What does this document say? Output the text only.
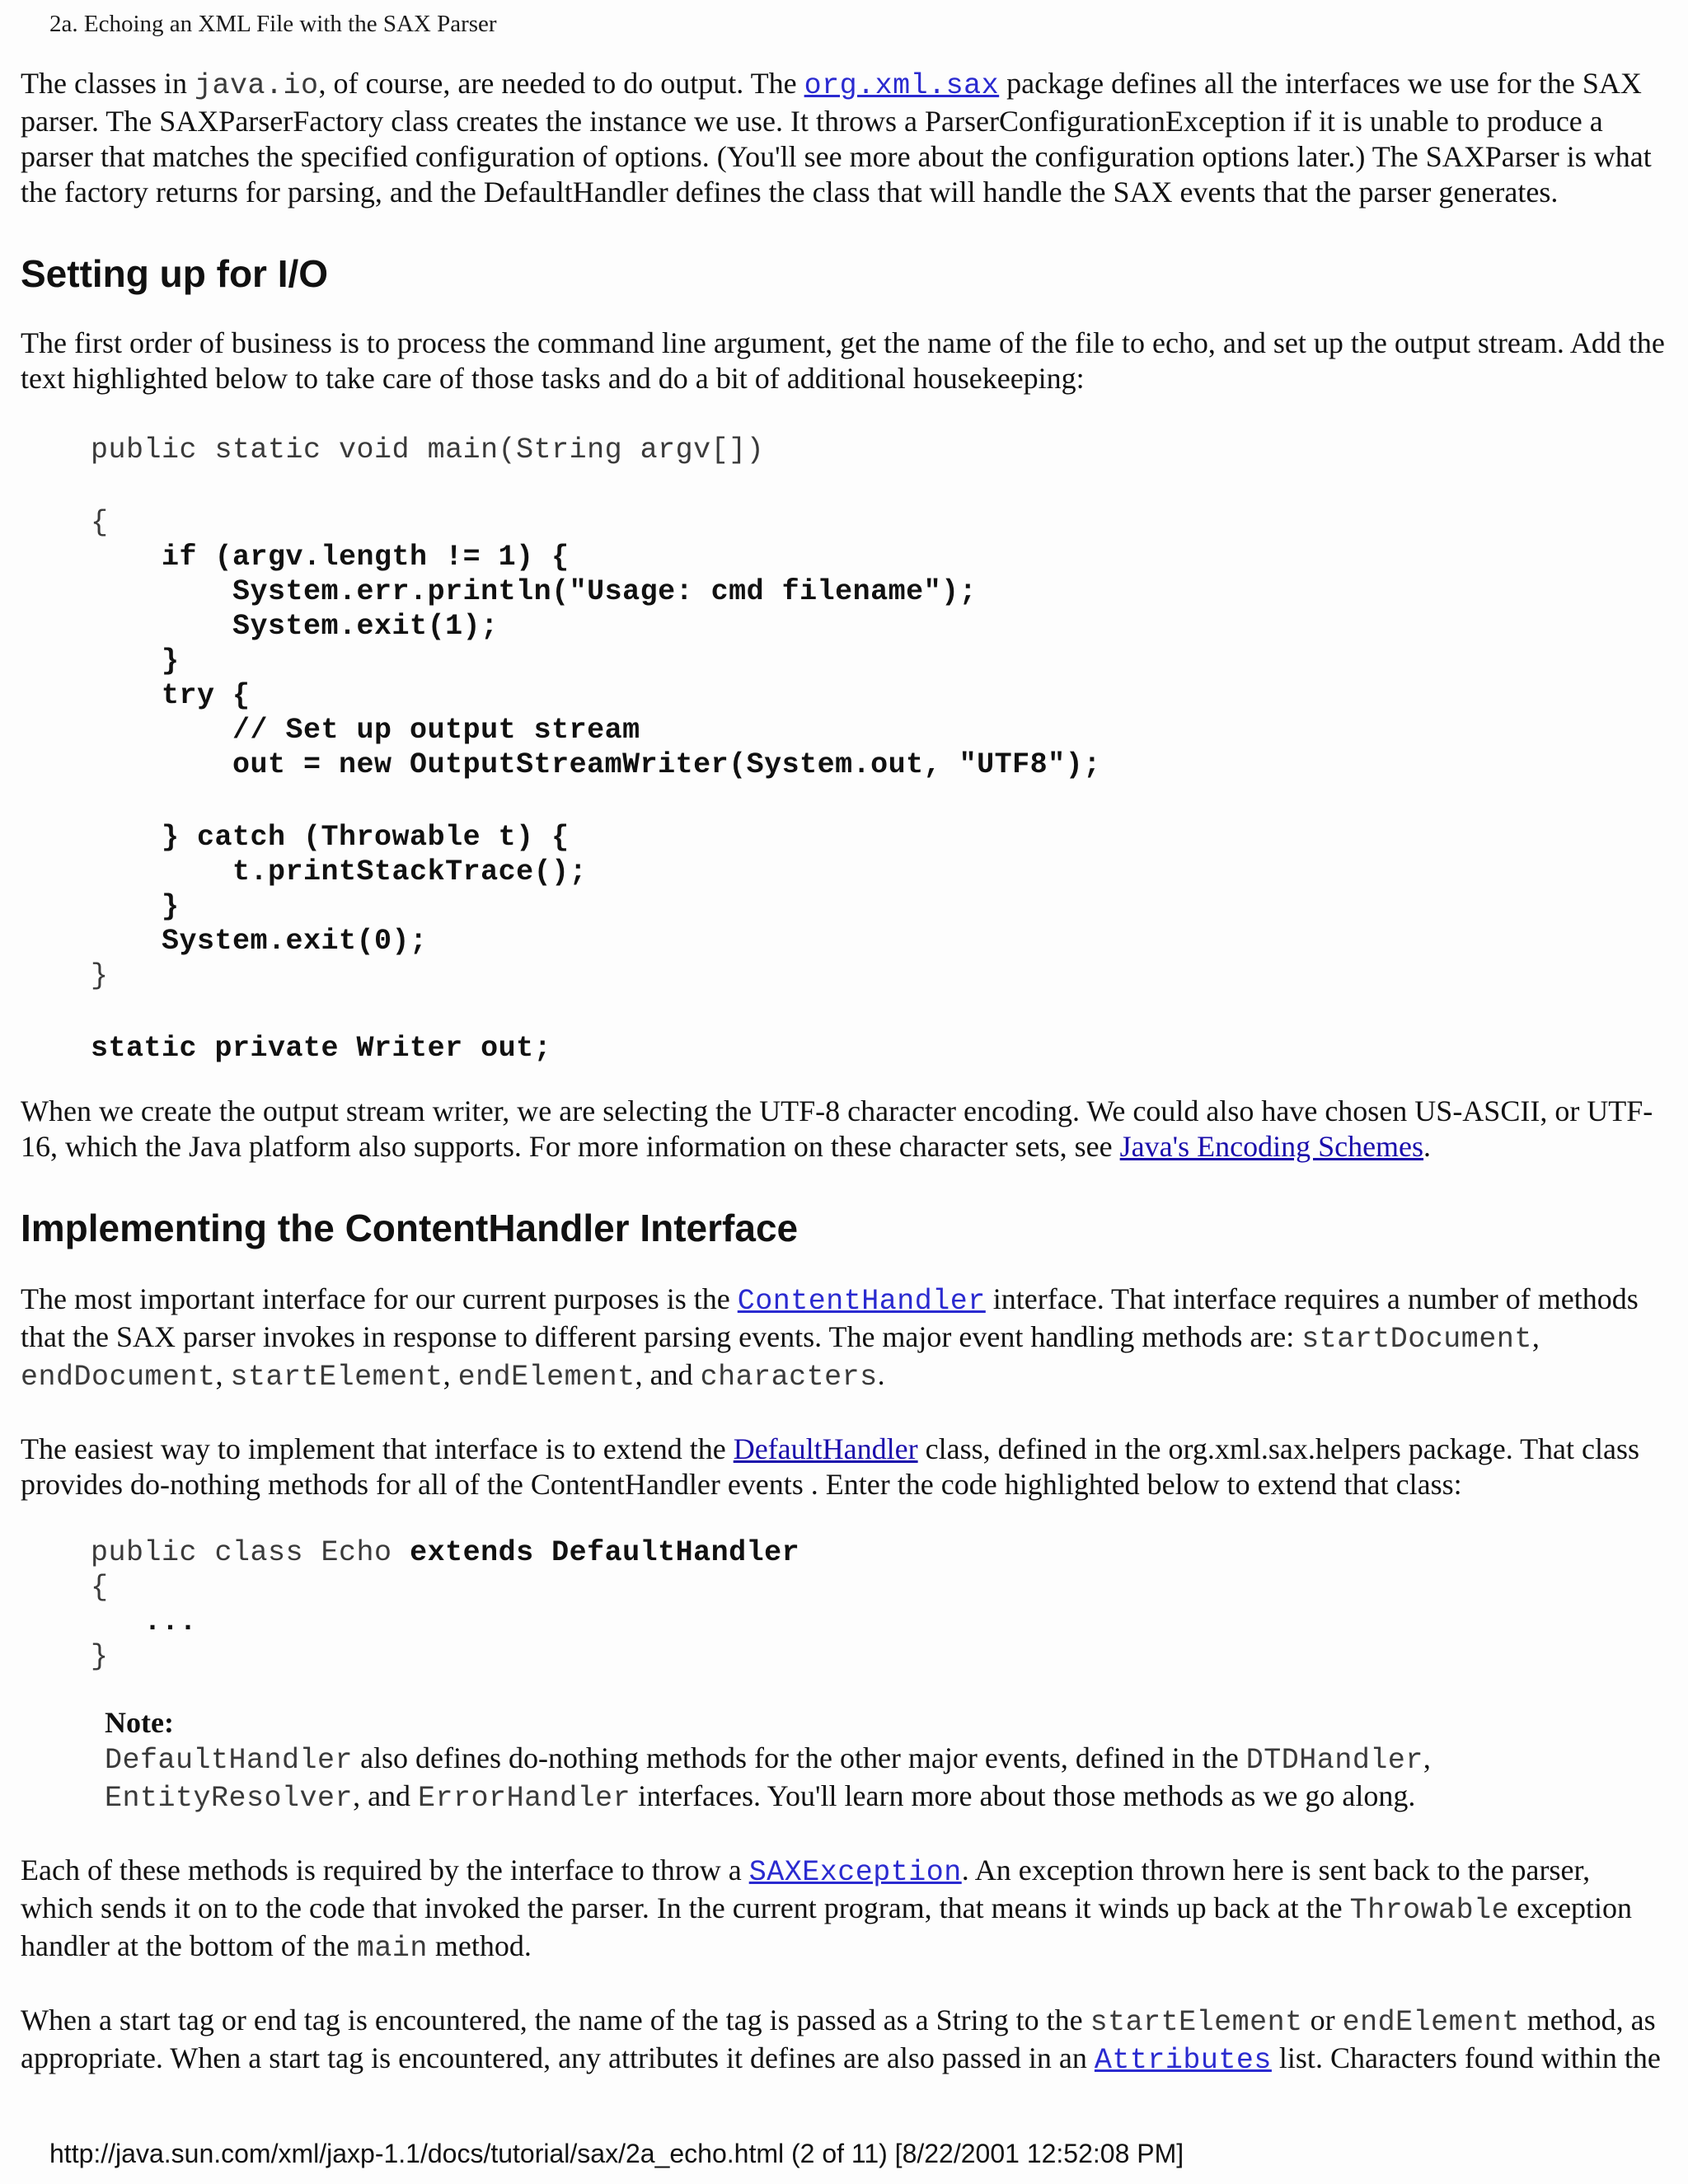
2a. Echoing an XML File with the SAX Parser

The classes in java.io, of course, are needed to do output. The org.xml.sax package defines all the interfaces we use for the SAX parser. The SAXParserFactory class creates the instance we use. It throws a ParserConfigurationException if it is unable to produce a parser that matches the specified configuration of options. (You'll see more about the configuration options later.) The SAXParser is what the factory returns for parsing, and the DefaultHandler defines the class that will handle the SAX events that the parser generates.

Setting up for I/O

The first order of business is to process the command line argument, get the name of the file to echo, and set up the output stream. Add the text highlighted below to take care of those tasks and do a bit of additional housekeeping:

public static void main(String argv[])

{
if (argv.length != 1) {
System.err.println("Usage: cmd filename");
System.exit(1);
}
try {
// Set up output stream
out = new OutputStreamWriter(System.out, "UTF8");

} catch (Throwable t) {
t.printStackTrace();
}
System.exit(0);
}

static private Writer out;

When we create the output stream writer, we are selecting the UTF-8 character encoding. We could also have chosen US-ASCII, or UTF-16, which the Java platform also supports. For more information on these character sets, see Java's Encoding Schemes.

Implementing the ContentHandler Interface

The most important interface for our current purposes is the ContentHandler interface. That interface requires a number of methods that the SAX parser invokes in response to different parsing events. The major event handling methods are: startDocument, endDocument, startElement, endElement, and characters.

The easiest way to implement that interface is to extend the DefaultHandler class, defined in the org.xml.sax.helpers package. That class provides do-nothing methods for all of the ContentHandler events . Enter the code highlighted below to extend that class:

public class Echo extends DefaultHandler
{
...
}
Note:
DefaultHandler also defines do-nothing methods for the other major events, defined in the DTDHandler, EntityResolver, and ErrorHandler interfaces. You'll learn more about those methods as we go along.

Each of these methods is required by the interface to throw a SAXException. An exception thrown here is sent back to the parser, which sends it on to the code that invoked the parser. In the current program, that means it winds up back at the Throwable exception handler at the bottom of the main method.

When a start tag or end tag is encountered, the name of the tag is passed as a String to the startElement or endElement method, as appropriate. When a start tag is encountered, any attributes it defines are also passed in an Attributes list. Characters found within the

http://java.sun.com/xml/jaxp-1.1/docs/tutorial/sax/2a_echo.html (2 of 11) [8/22/2001 12:52:08 PM]
